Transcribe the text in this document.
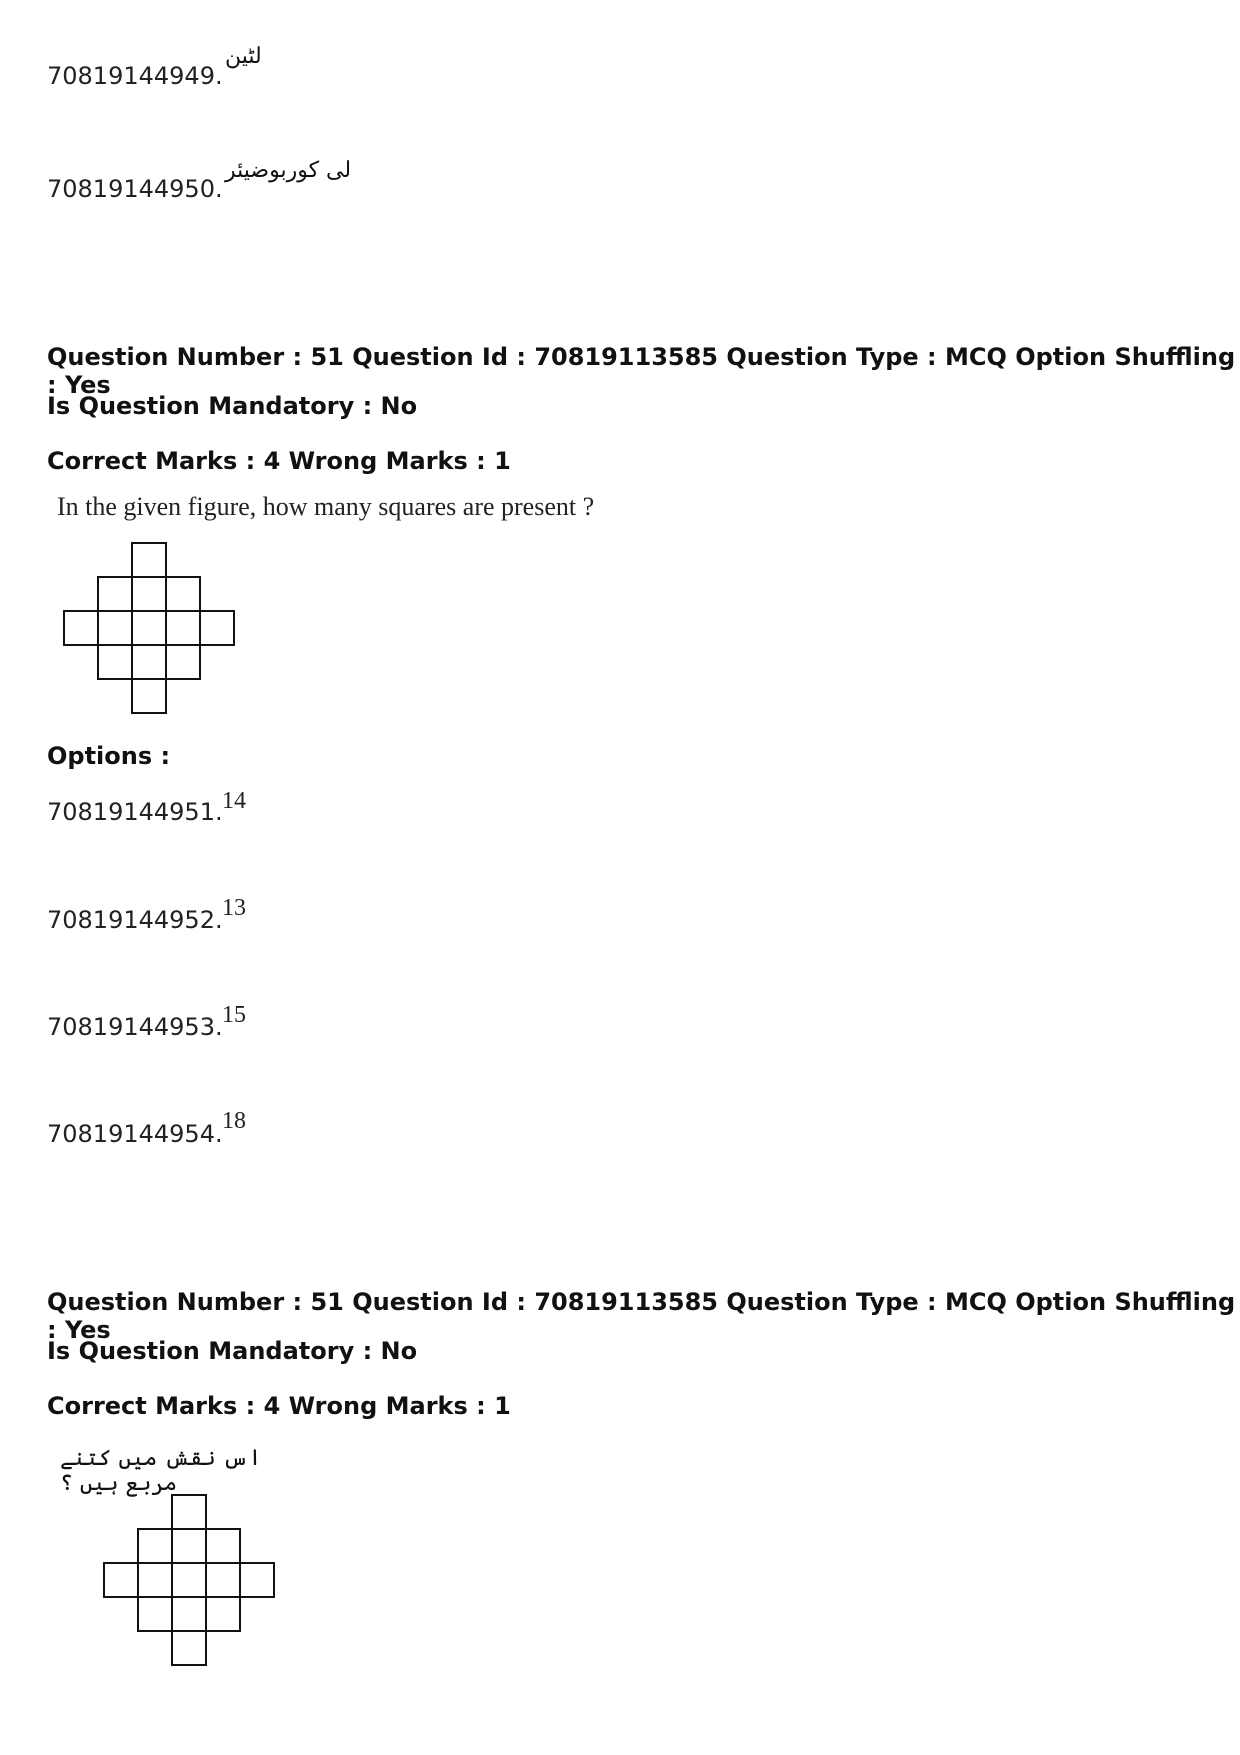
70819144949.
لٹین
70819144950.
لی کوربوضیئر
Question Number : 51 Question Id : 70819113585 Question Type : MCQ Option Shuffling : Yes
Is Question Mandatory : No
Correct Marks : 4 Wrong Marks : 1
In the given figure, how many squares are present ?
Options :
70819144951. 14
70819144952. 13
70819144953. 15
70819144954. 18
Question Number : 51 Question Id : 70819113585 Question Type : MCQ Option Shuffling : Yes
Is Question Mandatory : No
Correct Marks : 4 Wrong Marks : 1
اس نقش میں کتنے مربع ہیں ؟
